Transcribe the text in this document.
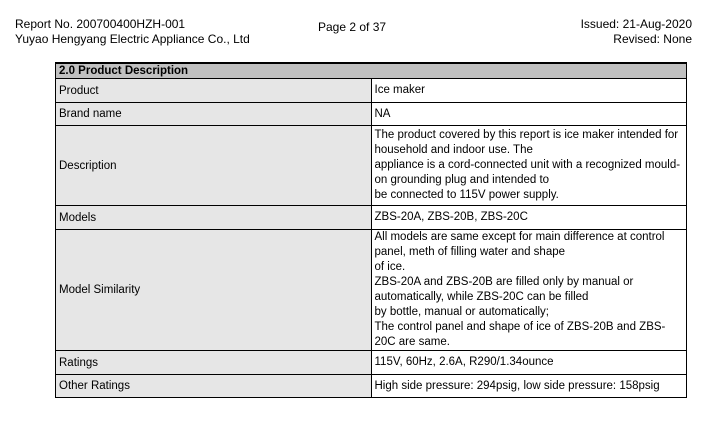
Report No. 200700400HZH-001
Yuyao Hengyang Electric Appliance Co., Ltd
Page 2 of 37	Issued: 21-Aug-2020
Revised: None
2.0 Product Description	
Product	Ice maker
Brand name	NA
Description	The product covered by this report is ice maker intended for household and indoor use. The
appliance is a cord-connected unit with a recognized mould-on grounding plug and intended to
be connected to 115V power supply.

Models	ZBS-20A, ZBS-20B, ZBS-20C
Model Similarity	All models are same except for main difference at control panel, meth of filling water and shape
of ice.
ZBS-20A and ZBS-20B are filled only by manual or automatically, while ZBS-20C can be filled
by bottle, manual or automatically;
The control panel and shape of ice of ZBS-20B and ZBS-20C are same.

Ratings	115V, 60Hz, 2.6A, R290/1.34ounce
Other Ratings	High side pressure: 294psig, low side pressure: 158psig
